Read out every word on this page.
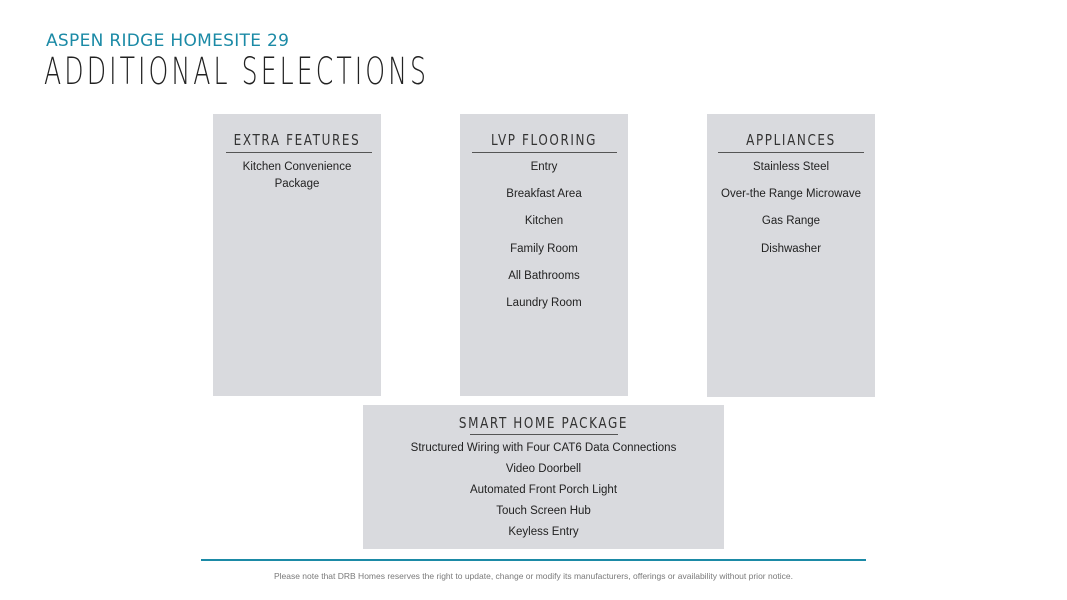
ASPEN RIDGE HOMESITE 29
ADDITIONAL SELECTIONS
EXTRA FEATURES
Kitchen Convenience
Package
LVP FLOORING
Entry
Breakfast Area
Kitchen
Family Room
All Bathrooms
Laundry Room
APPLIANCES
Stainless Steel
Over-the Range Microwave
Gas Range
Dishwasher
SMART HOME PACKAGE
Structured Wiring with Four CAT6 Data Connections
Video Doorbell
Automated Front Porch Light
Touch Screen Hub
Keyless Entry
Please note that DRB Homes reserves the right to update, change or modify its manufacturers, offerings or availability without prior notice.
